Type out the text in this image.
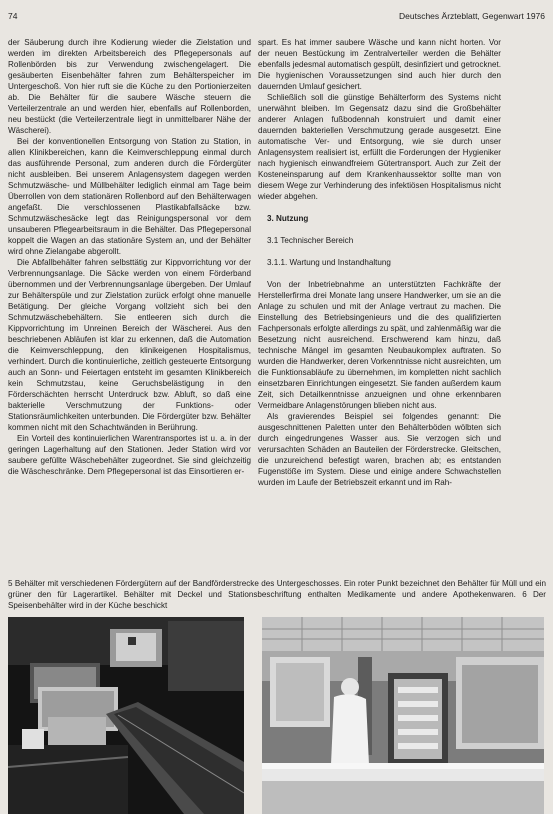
74	Deutsches Ärzteblatt, Gegenwart 1976

der Säuberung durch ihre Kodierung wieder die Zielstation und werden im direkten Arbeitsbereich des Pflegepersonals auf Rollenbörden bis zur Verwendung zwischengelagert. Die gesäuberten Eisenbehälter fahren zum Behälterspeicher im Untergeschoß. Von hier ruft sie die Küche zu den Portionierzeiten ab. Die Behälter für die saubere Wäsche steuern die Verteilerzentrale an und werden hier, ebenfalls auf Rollenborden, neu bestückt (die Verteilerzentrale liegt in unmittelbarer Nähe der Wäscherei).

Bei der konventionellen Entsorgung von Station zu Station, in allen Klinikbereichen, kann die Keimverschleppung einmal durch das ausführende Personal, zum anderen durch die Fördergüter nicht ausbleiben. Bei unserem Anlagensystem dagegen werden Schmutzwäsche- und Müllbehälter lediglich einmal am Tage beim Überrollen von dem stationären Rollenbord auf den Behälterwagen angefaßt. Die verschlossenen Plastikabfallsäcke bzw. Schmutzwäschesäcke legt das Reinigungspersonal vor dem unsauberen Pflegearbeitsraum in die Behälter. Das Pflegepersonal koppelt die Wagen an das stationäre System an, und der Behälter wird ohne Zielangabe abgerollt.

Die Abfallbehälter fahren selbsttätig zur Kippvorrichtung vor der Verbrennungsanlage. Die Säcke werden von einem Förderband übernommen und der Verbrennungsanlage übergeben. Der Umlauf zur Behälterspüle und zur Zielstation zurück erfolgt ohne manuelle Betätigung. Der gleiche Vorgang vollzieht sich bei den Schmutzwäschebehältern. Sie entleeren sich durch die Kippvorrichtung im Unreinen Bereich der Wäscherei. Aus den beschriebenen Abläufen ist klar zu erkennen, daß die Automation die Keimverschleppung, den klinikeigenen Hospitalismus, verhindert. Durch die kontinuierliche, zeitlich gesteuerte Entsorgung auch an Sonn- und Feiertagen entsteht im gesamten Klinikbereich kein Schmutzstau, keine Geruchsbelästigung in den Förderschächten herrscht Unterdruck bzw. Abluft, so daß eine bakterielle Verschmutzung der Funktions- oder Stationsräumlichkeiten unterbunden. Die Fördergüter bzw. Behälter kommen nicht mit den Schachtwänden in Berührung.

Ein Vorteil des kontinuierlichen Warentransportes ist u. a. in der geringen Lagerhaltung auf den Stationen. Jeder Station wird vor saubere gefüllte Wäschebehälter zugeordnet. Sie sind gleichzeitig die Wäscheschränke. Dem Pflegepersonal ist das Einsortieren er-

spart. Es hat immer saubere Wäsche und kann nicht horten. Vor der neuen Bestückung im Zentralverteiler werden die Behälter ebenfalls jedesmal automatisch gespült, desinfiziert und getrocknet. Die hygienischen Voraussetzungen sind auch hier durch den dauernden Umlauf gesichert.

Schließlich soll die günstige Behälterform des Systems nicht unerwähnt bleiben. Im Gegensatz dazu sind die Großbehälter anderer Anlagen fußbodennah konstruiert und damit einer dauernden bakteriellen Verschmutzung gerade ausgesetzt. Eine automatische Ver- und Entsorgung, wie sie durch unser Anlagensystem realisiert ist, erfüllt die Forderungen der Hygieniker nach hygienisch einwandfreiem Gütertransport. Auch zur Zeit der Kosteneinsparung auf dem Krankenhaussektor sollte man von diesem Wege zur Verhinderung des infektiösen Hospitalismus nicht wieder abgehen.

3. Nutzung

3.1 Technischer Bereich

3.1.1. Wartung und Instandhaltung

Von der Inbetriebnahme an unterstützten Fachkräfte der Herstellerfirma drei Monate lang unsere Handwerker, um sie an die Anlage zu schulen und mit der Anlage vertraut zu machen. Die Einstellung des Betriebsingenieurs und die des qualifizierten Fachpersonals erfolgte allerdings zu spät, und zahlenmäßig war die Besetzung nicht ausreichend. Erschwerend kam hinzu, daß technische Mängel im gesamten Neubaukomplex auftraten. So wurden die Handwerker, deren Vorkenntnisse nicht ausreichten, um die Funktionsabläufe zu übernehmen, im kompletten nicht sachlich einsetzbaren Einrichtungen eingesetzt. Sie fanden außerdem kaum Zeit, sich Detailkenntnisse anzueignen und ohne erkennbaren Vermeidbare Anlagenstörungen blieben nicht aus.

Als gravierendes Beispiel sei folgendes genannt: Die ausgeschnittenen Paletten unter den Behälterböden wölbten sich durch eingedrungenes Wasser aus. Sie verzogen sich und verursachten Schäden an Bauteilen der Förderstrecke. Gleitschen, die unzureichend befestigt waren, brachen ab; es entstanden Fugenstöße im System. Diese und einige andere Schwachstellen wurden im Laufe der Betriebszeit erkannt und im Rah-

5 Behälter mit verschiedenen Fördergütern auf der Bandförderstrecke des Untergeschosses. Ein roter Punkt bezeichnet den Behälter für Müll und ein grüner den für Lagerartikel. Behälter mit Deckel und Stationsbeschriftung enthalten Medikamente und andere Apothekenwaren. 6 Der Speisenbehälter wird in der Küche beschickt
